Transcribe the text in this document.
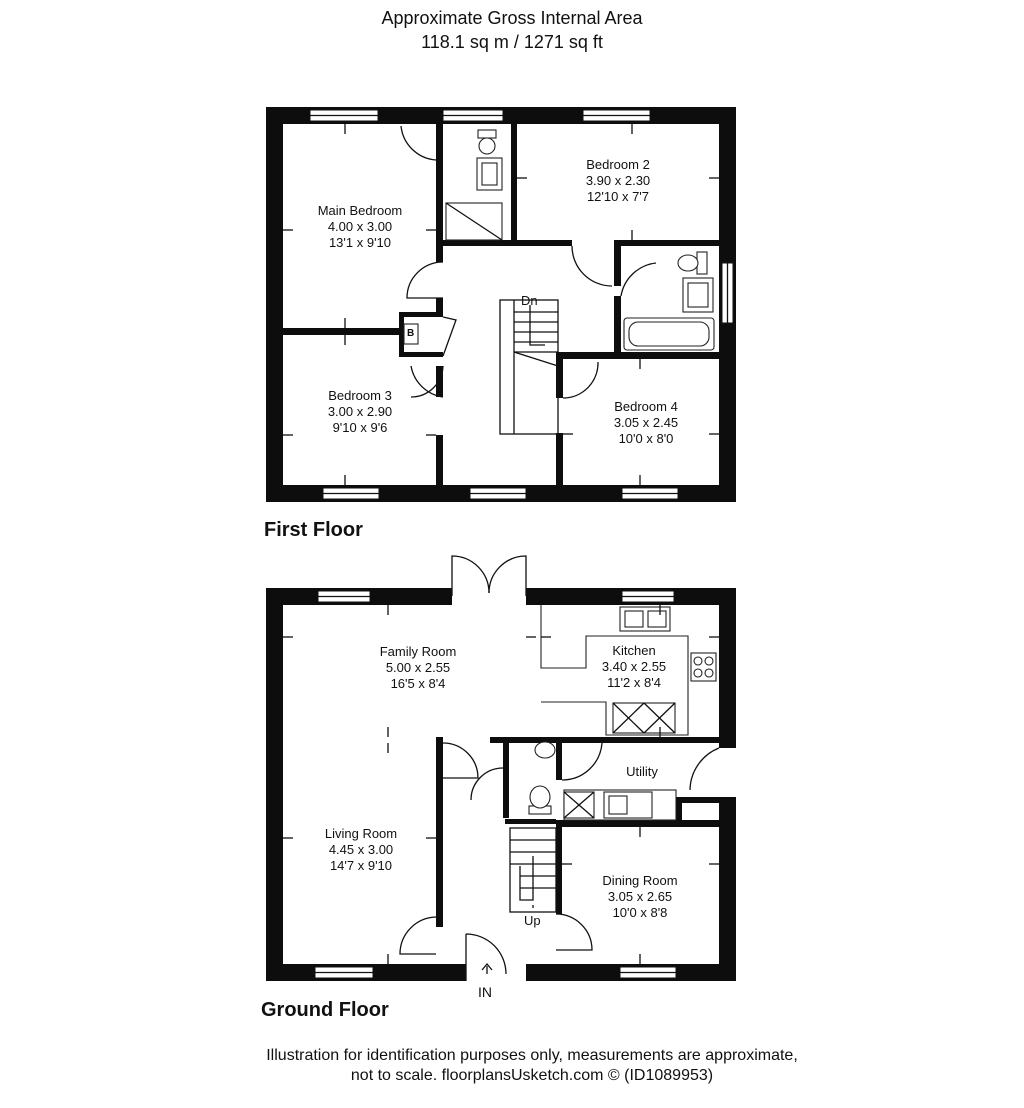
Approximate Gross Internal Area
118.1 sq m / 1271 sq ft
First Floor
Main Bedroom
4.00 x 3.00
13'1 x 9'10
Bedroom 2
3.90 x 2.30
12'10 x 7'7
Bedroom 3
3.00 x 2.90
9'10 x 9'6
Bedroom 4
3.05 x 2.45
10'0 x 8'0
Dn
B
Ground Floor
Family Room
5.00 x 2.55
16'5 x 8'4
Kitchen
3.40 x 2.55
11'2 x 8'4
Utility
Living Room
4.45 x 3.00
14'7 x 9'10
Dining Room
3.05 x 2.65
10'0 x 8'8
Up
IN
Illustration for identification purposes only, measurements are approximate,
not to scale. floorplansUsketch.com © (ID1089953)
